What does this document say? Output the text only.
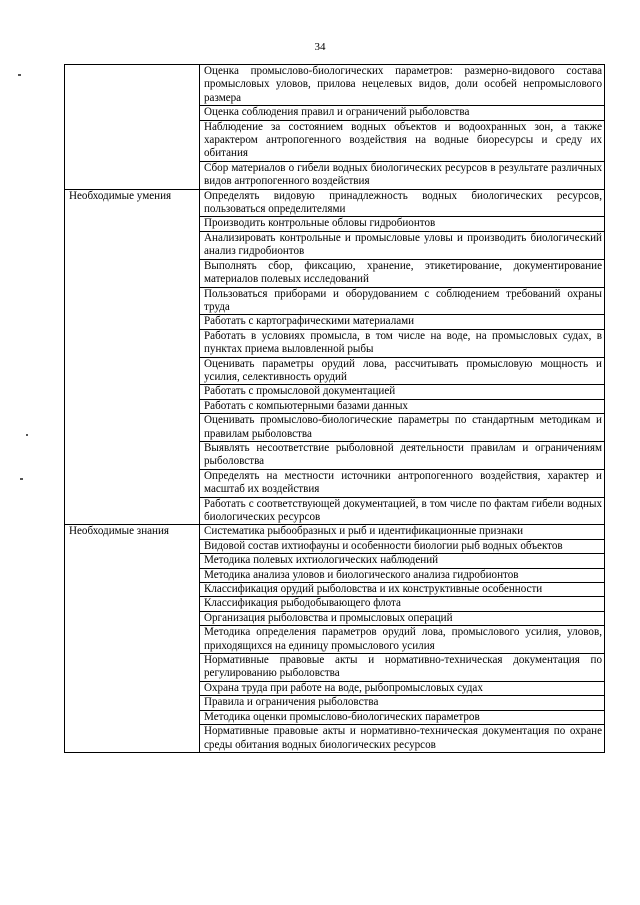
34
	Оценка промыслово-биологических параметров: размерно-видового состава промысловых уловов, прилова нецелевых видов, доли особей непромыслового размера
	Оценка соблюдения правил и ограничений рыболовства
	Наблюдение за состоянием водных объектов и водоохранных зон, а также характером антропогенного воздействия на водные биоресурсы и среду их обитания
	Сбор материалов о гибели водных биологических ресурсов в результате различных видов антропогенного воздействия
Необходимые умения	Определять видовую принадлежность водных биологических ресурсов, пользоваться определителями
	Производить контрольные обловы гидробионтов
	Анализировать контрольные и промысловые уловы и производить биологический анализ гидробионтов
	Выполнять сбор, фиксацию, хранение, этикетирование, документирование материалов полевых исследований
	Пользоваться приборами и оборудованием с соблюдением требований охраны труда
	Работать с картографическими материалами
	Работать в условиях промысла, в том числе на воде, на промысловых судах, в пунктах приема выловленной рыбы
	Оценивать параметры орудий лова, рассчитывать промысловую мощность и усилия, селективность орудий
	Работать с промысловой документацией
	Работать с компьютерными базами данных
	Оценивать промыслово-биологические параметры по стандартным методикам и правилам рыболовства
	Выявлять несоответствие рыболовной деятельности правилам и ограничениям рыболовства
	Определять на местности источники антропогенного воздействия, характер и масштаб их воздействия
	Работать с соответствующей документацией, в том числе по фактам гибели водных биологических ресурсов
Необходимые знания	Систематика рыбообразных и рыб и идентификационные признаки
	Видовой состав ихтиофауны и особенности биологии рыб водных объектов
	Методика полевых ихтиологических наблюдений
	Методика анализа уловов и биологического анализа гидробионтов
	Классификация орудий рыболовства и их конструктивные особенности
	Классификация рыбодобывающего флота
	Организация рыболовства и промысловых операций
	Методика определения параметров орудий лова, промыслового усилия, уловов, приходящихся на единицу промыслового усилия
	Нормативные правовые акты и нормативно-техническая документация по регулированию рыболовства
	Охрана труда при работе на воде, рыбопромысловых судах
	Правила и ограничения рыболовства
	Методика оценки промыслово-биологических параметров
	Нормативные правовые акты и нормативно-техническая документация по охране среды обитания водных биологических ресурсов
